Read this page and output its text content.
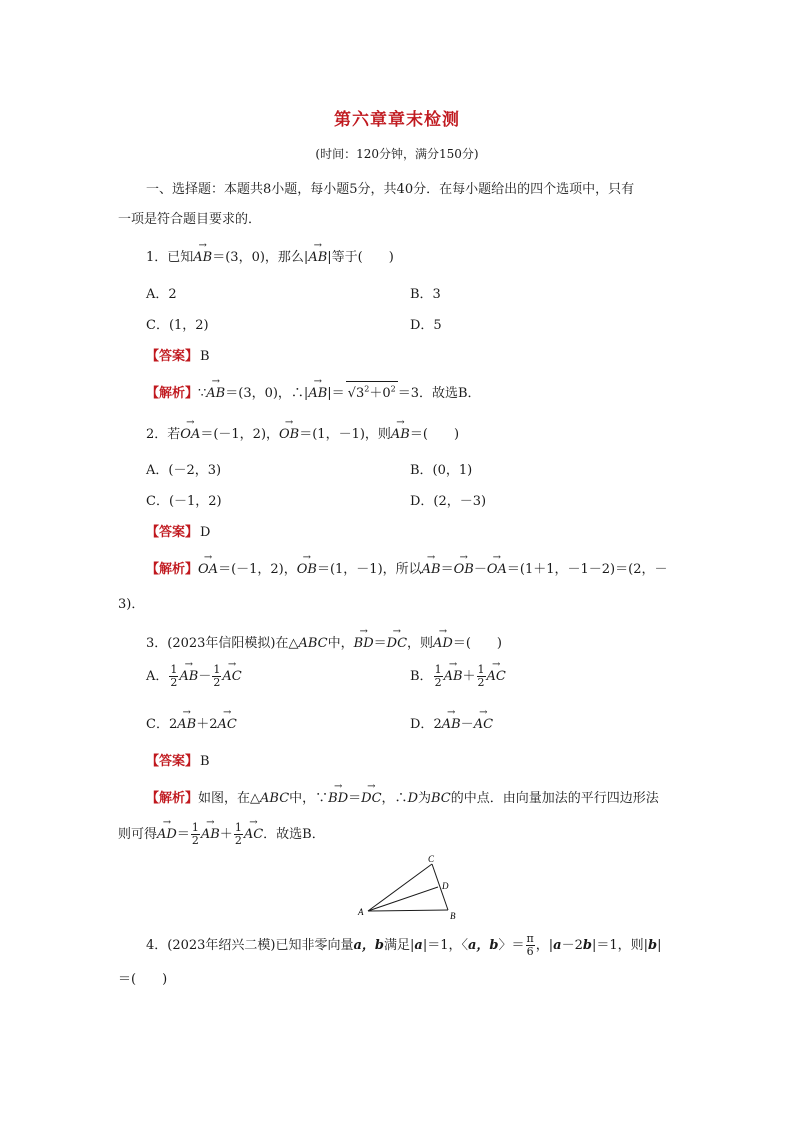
第六章章末检测
(时间：120分钟，满分150分)
一、选择题：本题共8小题，每小题5分，共40分．在每小题给出的四个选项中，只有
一项是符合题目要求的．
1．已知→ AB＝(3，0)，那么|→ AB|等于(　　)
A．2	B．3
C．(1，2)	D．5
【答案】 B
【解析】∵→ AB＝(3，0)，∴|→ $AB|= √3^2+0^2 =3$．故选B．
2．若→ OA＝(－1，2)，→ OB＝(1，－1)，则→ AB＝(　　)
A．(－2，3)	B．(0，1)
C．(－1，2)	D．(2，－3)
【答案】 D
【解析】→ OA＝(－1，2)，→ OB＝(1，－1)，所以→ AB＝→ OB－→ OA＝(1＋1，－1－2)＝(2，－
3)．
3．(2023年信阳模拟)在△ABC中，→ BD＝→ DC，则→ AD＝(　　)
A． $\frac{1}{2}$
→ $AB- \frac{1}{2}$
→ AC	B． $\frac{1}{2}$
→ $AB+ \frac{1}{2}$
→ AC
C．2→ AB＋2→ AC	D．2→ AB－→ AC
【答案】 B
【解析】如图，在△ABC中，∵→ BD＝→ DC，∴D为BC的中点．由向量加法的平行四边形法
则可得→ $AD= \frac{1}{2}$
→ $AB+ \frac{1}{2}$
→ AC．故选B．
A	B
C
D
4．(2023年绍兴二模)已知非零向量a，b满足|a|＝1，〈a，b〉＝ $\frac{\pi}{6}$ ，|a－2b|＝1，则|b|
＝(　　)
